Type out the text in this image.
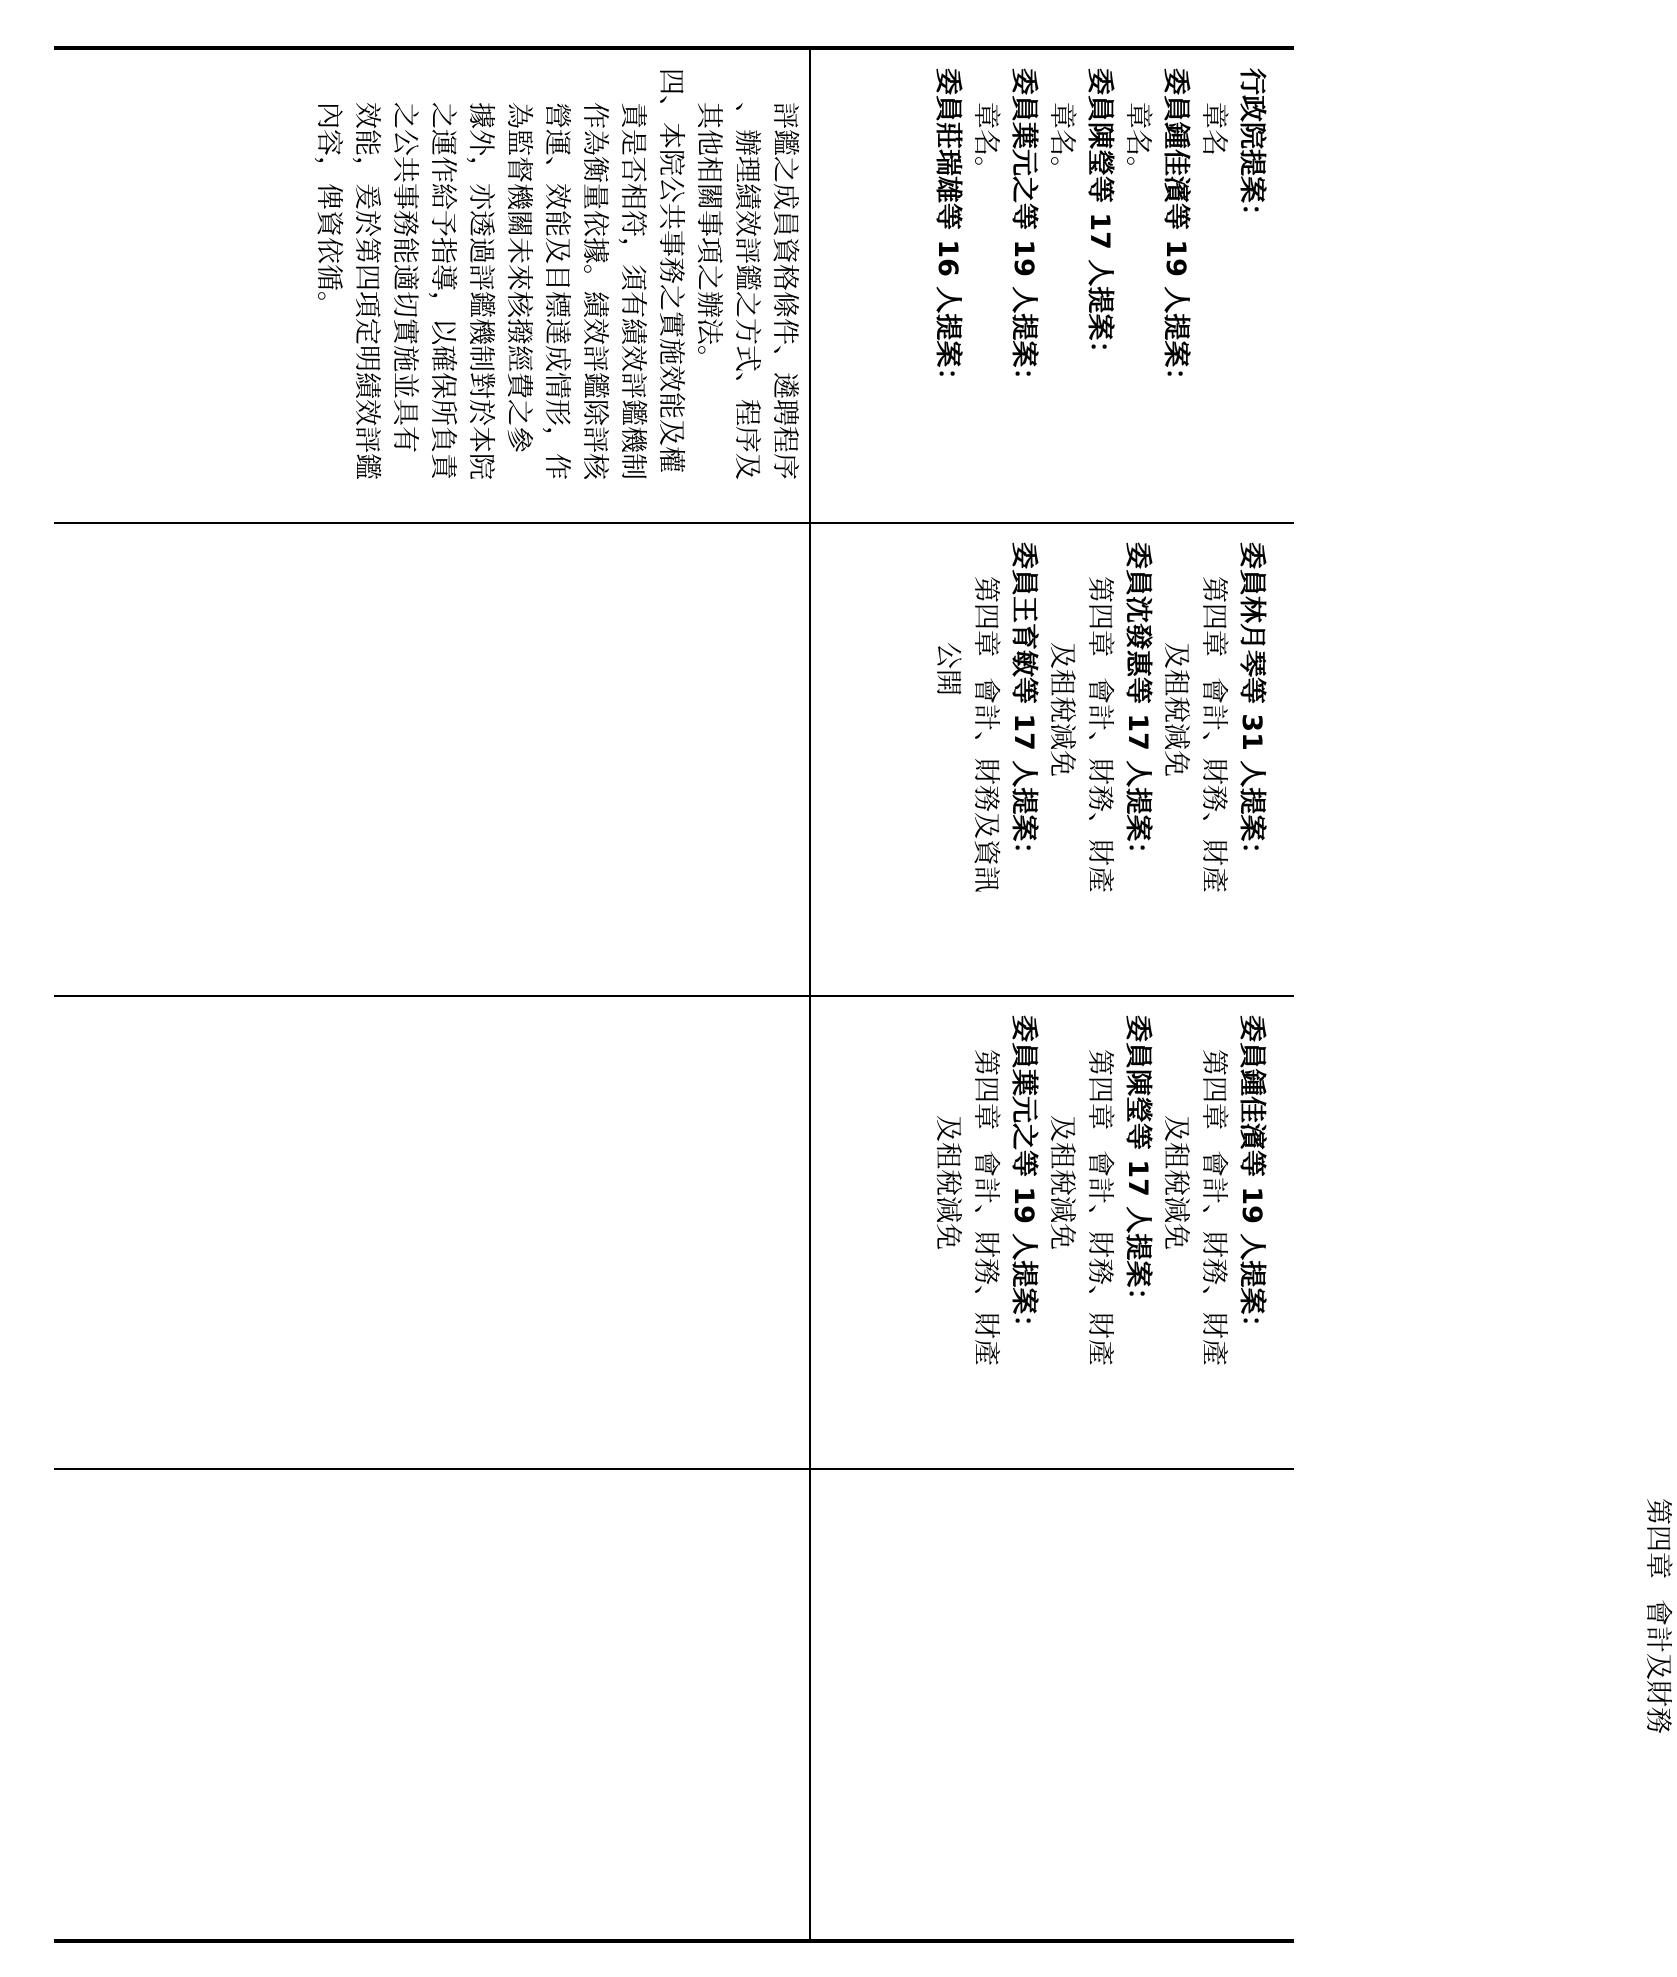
評鑑之成員資格條件、遴聘程序
、辦理績效評鑑之方式、程序及
其他相關事項之辦法。
四、本院公共事務之實施效能及權
責是否相符，須有績效評鑑機制
作為衡量依據。績效評鑑除評核
營運、效能及目標達成情形，作
為監督機關未來核撥經費之參
據外，亦透過評鑑機制對於本院
之運作給予指導，以確保所負責
之公共事務能適切實施並具有
效能，爰於第四項定明績效評鑑
內容，俾資依循。	行政院提案：
章名
委員鍾佳濱等 19 人提案：
章名。
委員陳瑩等 17 人提案：
章名。
委員葉元之等 19 人提案：
章名。
委員莊瑞雄等 16 人提案：
委員林月琴等 31 人提案：
第四章
會計、財務、財產
及租稅減免
委員沈發惠等 17 人提案：
第四章
會計、財務、財產
及租稅減免
委員王育敏等 17 人提案：
第四章
會計、財務及資訊
公開
委員鍾佳濱等 19 人提案：
第四章
會計、財務、財產
及租稅減免
委員陳瑩等 17 人提案：
第四章
會計、財務、財產
及租稅減免
委員葉元之等 19 人提案：
第四章
會計、財務、財產
及租稅減免
第四章
會計及財務
